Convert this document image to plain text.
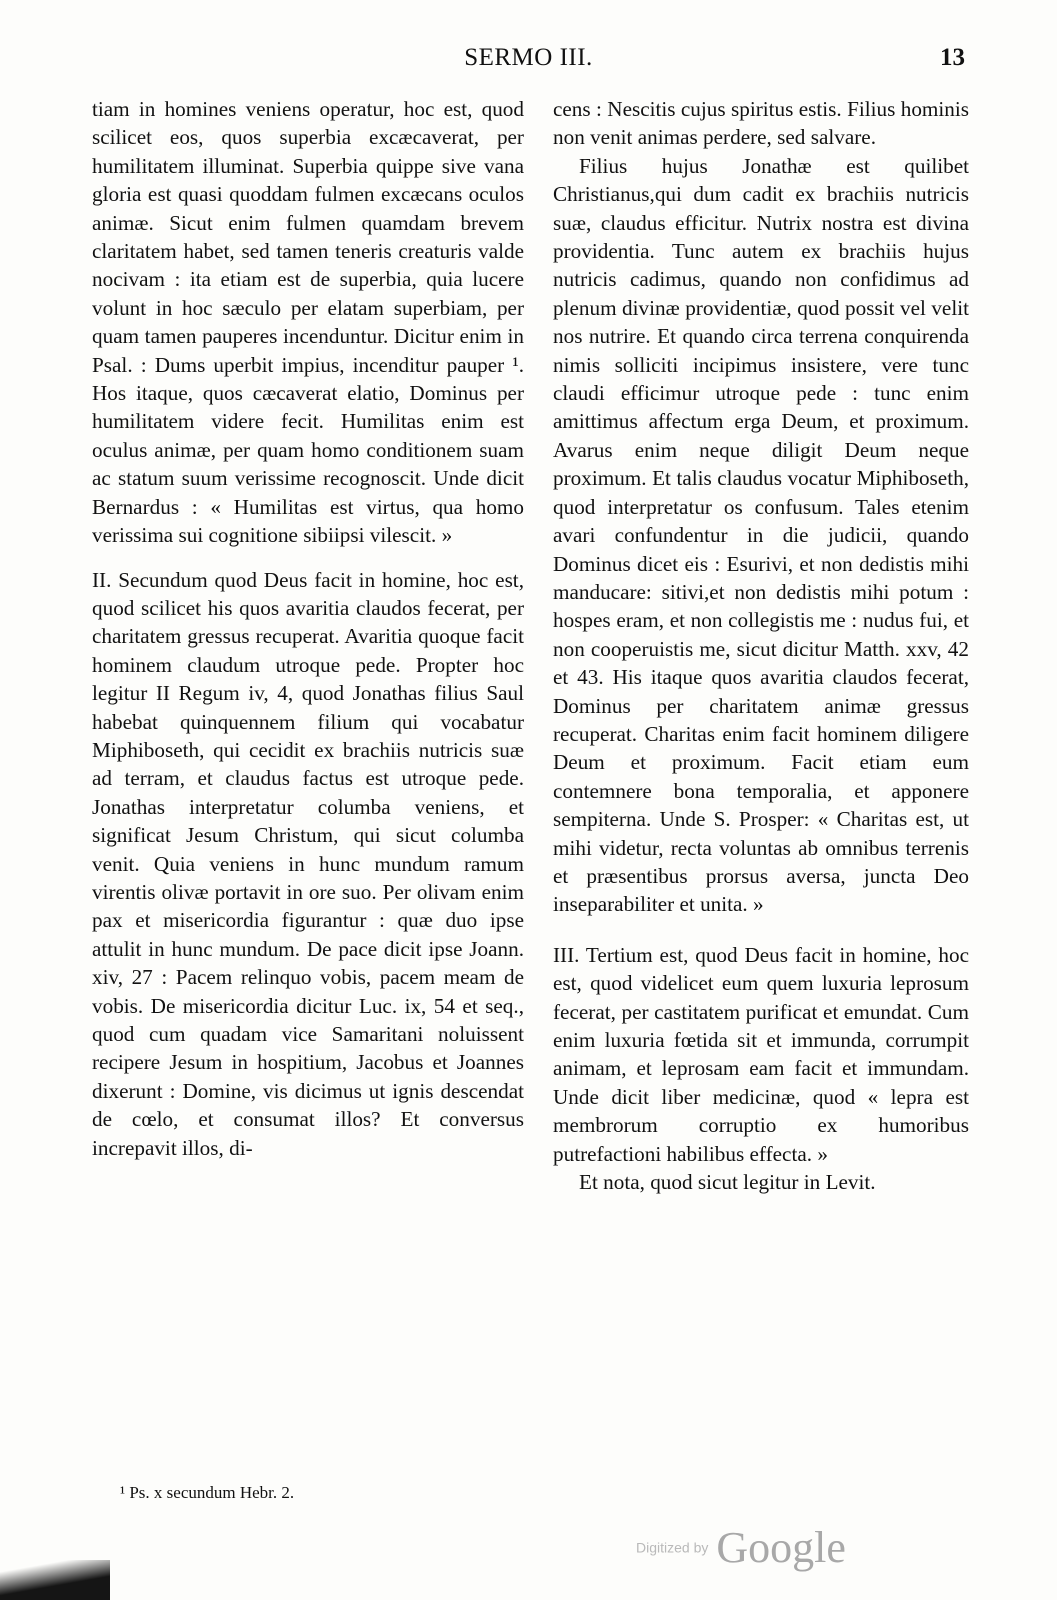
SERMO III.	13

tiam in homines veniens operatur, hoc est, quod scilicet eos, quos superbia excæcaverat, per humilitatem illuminat. Superbia quippe sive vana gloria est quasi quoddam fulmen excæcans oculos animæ. Sicut enim fulmen quamdam brevem claritatem habet, sed tamen teneris creaturis valde nocivam : ita etiam est de superbia, quia lucere volunt in hoc sæculo per elatam superbiam, per quam tamen pauperes incenduntur. Dicitur enim in Psal. : Dums uperbit impius, incenditur pauper ¹. Hos itaque, quos cæcaverat elatio, Dominus per humilitatem videre fecit. Humilitas enim est oculus animæ, per quam homo conditionem suam ac statum suum verissime recognoscit. Unde dicit Bernardus : « Humilitas est virtus, qua homo verissima sui cognitione sibiipsi vilescit. »

II. Secundum quod Deus facit in homine, hoc est, quod scilicet his quos avaritia claudos fecerat, per charitatem gressus recuperat. Avaritia quoque facit hominem claudum utroque pede. Propter hoc legitur II Regum iv, 4, quod Jonathas filius Saul habebat quinquennem filium qui vocabatur Miphiboseth, qui cecidit ex brachiis nutricis suæ ad terram, et claudus factus est utroque pede. Jonathas interpretatur columba veniens, et significat Jesum Christum, qui sicut columba venit. Quia veniens in hunc mundum ramum virentis olivæ portavit in ore suo. Per olivam enim pax et misericordia figurantur : quæ duo ipse attulit in hunc mundum. De pace dicit ipse Joann. xiv, 27 : Pacem relinquo vobis, pacem meam de vobis. De misericordia dicitur Luc. ix, 54 et seq., quod cum quadam vice Samaritani noluissent recipere Jesum in hospitium, Jacobus et Joannes dixerunt : Domine, vis dicimus ut ignis descendat de cœlo, et consumat illos? Et conversus increpavit illos, di-

cens : Nescitis cujus spiritus estis. Filius hominis non venit animas perdere, sed salvare.

Filius hujus Jonathæ est quilibet Christianus,qui dum cadit ex brachiis nutricis suæ, claudus efficitur. Nutrix nostra est divina providentia. Tunc autem ex brachiis hujus nutricis cadimus, quando non confidimus ad plenum divinæ providentiæ, quod possit vel velit nos nutrire. Et quando circa terrena conquirenda nimis solliciti incipimus insistere, vere tunc claudi efficimur utroque pede : tunc enim amittimus affectum erga Deum, et proximum. Avarus enim neque diligit Deum neque proximum. Et talis claudus vocatur Miphiboseth, quod interpretatur os confusum. Tales etenim avari confundentur in die judicii, quando Dominus dicet eis : Esurivi, et non dedistis mihi manducare: sitivi,et non dedistis mihi potum : hospes eram, et non collegistis me : nudus fui, et non cooperuistis me, sicut dicitur Matth. xxv, 42 et 43. His itaque quos avaritia claudos fecerat, Dominus per charitatem animæ gressus recuperat. Charitas enim facit hominem diligere Deum et proximum. Facit etiam eum contemnere bona temporalia, et apponere sempiterna. Unde S. Prosper: « Charitas est, ut mihi videtur, recta voluntas ab omnibus terrenis et præsentibus prorsus aversa, juncta Deo inseparabiliter et unita. »

III. Tertium est, quod Deus facit in homine, hoc est, quod videlicet eum quem luxuria leprosum fecerat, per castitatem purificat et emundat. Cum enim luxuria fœtida sit et immunda, corrumpit animam, et leprosam eam facit et immundam. Unde dicit liber medicinæ, quod « lepra est membrorum corruptio ex humoribus putrefactioni habilibus effecta. »

Et nota, quod sicut legitur in Levit.

¹ Ps. x secundum Hebr. 2.
Digitized by Google
